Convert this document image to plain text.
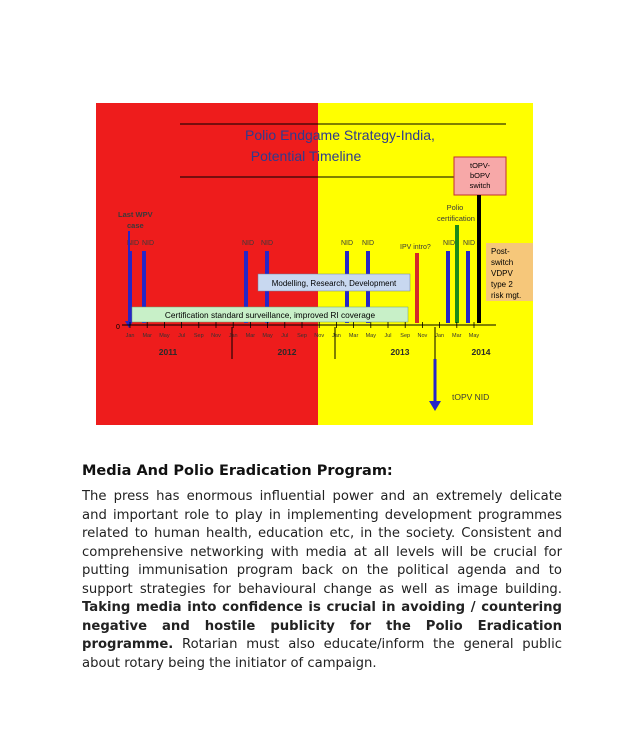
Polio Endgame Strategy-India,
Potential Timeline
tOPV-
bOPV
switch
Last WPV
case
Polio
certification
NID NID	NID NID	NID NID	NID NID
IPV intro?	Post-
switch
VDPV
type 2
risk mgt.
Modelling, Research, Development
Certification standard surveillance, improved RI coverage
0
Jan Mar May Jul Sep Nov Jan Mar May Jul Sep Nov Jan Mar May Jul Sep Nov Jan Mar May
2011	2012	2013	2014
tOPV NID
Media And Polio Eradication Program:
The press has enormous influential power and an extremely delicate and important role to play in implementing development programmes related to human health, education etc, in the society. Consistent and comprehensive networking with media at all levels will be crucial for putting immunisation program back on the political agenda and to support strategies for behavioural change as well as image building. Taking media into confidence is crucial in avoiding / countering negative and hostile publicity for the Polio Eradication programme. Rotarian must also educate/inform the general public about rotary being the initiator of campaign.
